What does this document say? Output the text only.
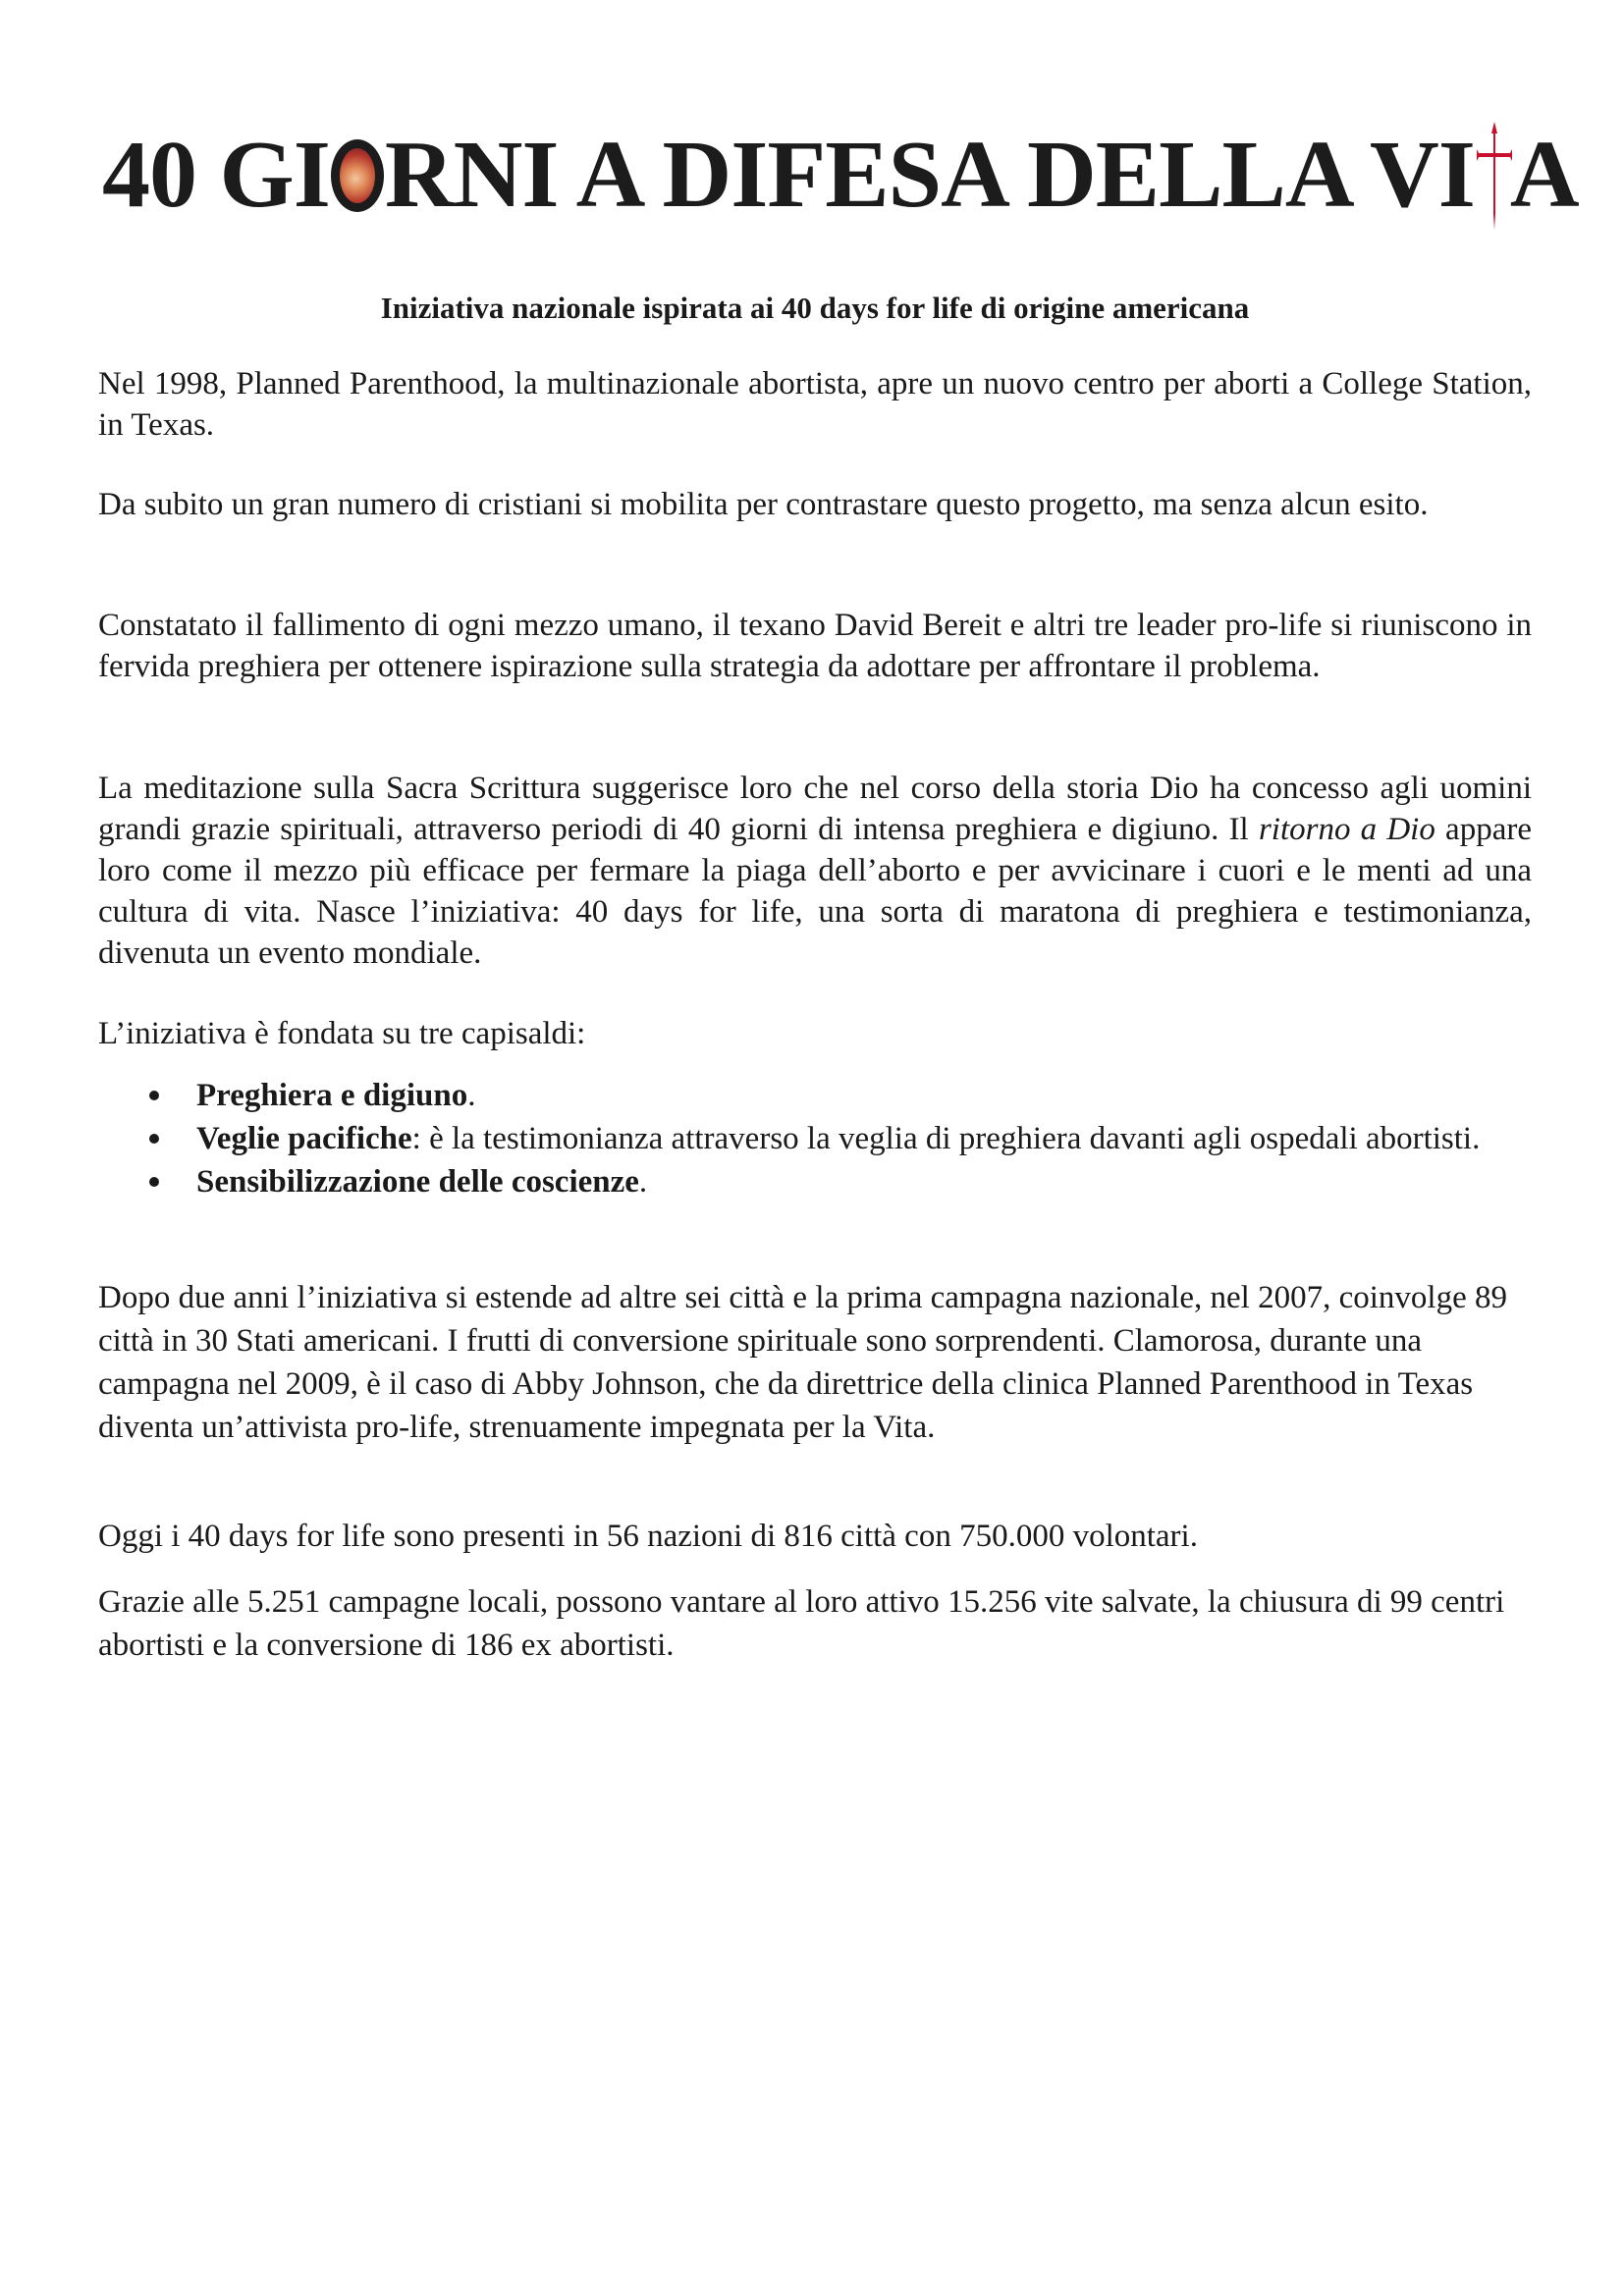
40 GI RNI A DIFESA DELLA VI A
Iniziativa nazionale ispirata ai 40 days for life di origine americana

Nel 1998, Planned Parenthood, la multinazionale abortista, apre un nuovo centro per aborti a College Station, in Texas.

Da subito un gran numero di cristiani si mobilita per contrastare questo progetto, ma senza alcun esito.

Constatato il fallimento di ogni mezzo umano, il texano David Bereit e altri tre leader pro-life si riuniscono in fervida preghiera per ottenere ispirazione sulla strategia da adottare per affrontare il problema.

La meditazione sulla Sacra Scrittura suggerisce loro che nel corso della storia Dio ha concesso agli uomini grandi grazie spirituali, attraverso periodi di 40 giorni di intensa preghiera e digiuno. Il ritorno a Dio appare loro come il mezzo più efficace per fermare la piaga dell’aborto e per avvicinare i cuori e le menti ad una cultura di vita. Nasce l’iniziativa: 40 days for life, una sorta di maratona di preghiera e testimonianza, divenuta un evento mondiale.

L’iniziativa è fondata su tre capisaldi:

Preghiera e digiuno.
Veglie pacifiche: è la testimonianza attraverso la veglia di preghiera davanti agli ospedali abortisti.
Sensibilizzazione delle coscienze.

Dopo due anni l’iniziativa si estende ad altre sei città e la prima campagna nazionale, nel 2007, coinvolge 89 città in 30 Stati americani. I frutti di conversione spirituale sono sorprendenti. Clamorosa, durante una campagna nel 2009, è il caso di Abby Johnson, che da direttrice della clinica Planned Parenthood in Texas diventa un’attivista pro-life, strenuamente impegnata per la Vita.

Oggi i 40 days for life sono presenti in 56 nazioni di 816 città con 750.000 volontari.

Grazie alle 5.251 campagne locali, possono vantare al loro attivo 15.256 vite salvate, la chiusura di 99 centri abortisti e la conversione di 186 ex abortisti.
